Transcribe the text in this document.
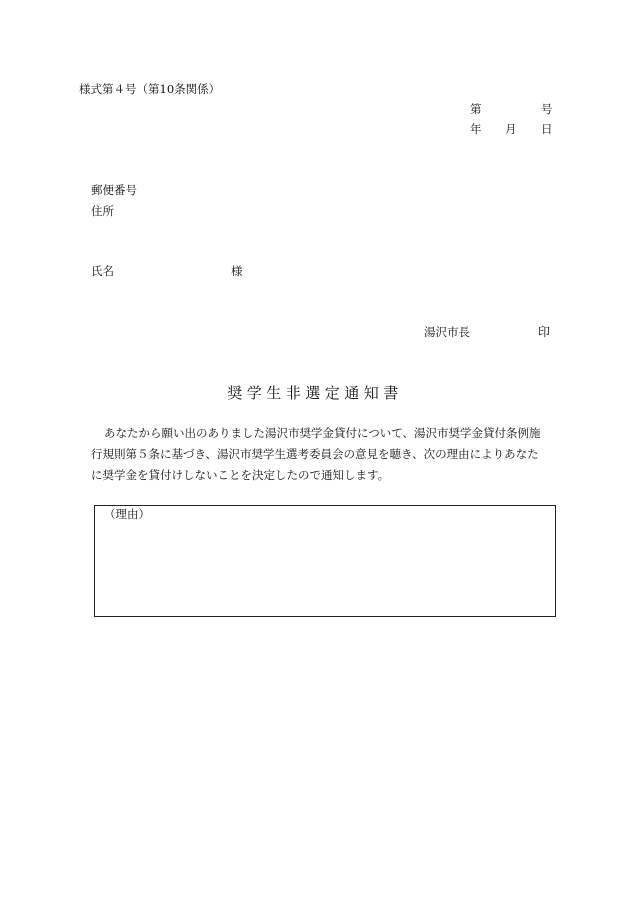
様式第４号（第10条関係）
第	号
年 月 日
郵便番号
住所
氏名	様
湯沢市長	印
奨学生非選定通知書
あなたから願い出のありました湯沢市奨学金貸付について、湯沢市奨学金貸付条例施
行規則第５条に基づき、湯沢市奨学生選考委員会の意見を聴き、次の理由によりあなた
に奨学金を貸付けしないことを決定したので通知します。
（理由）
